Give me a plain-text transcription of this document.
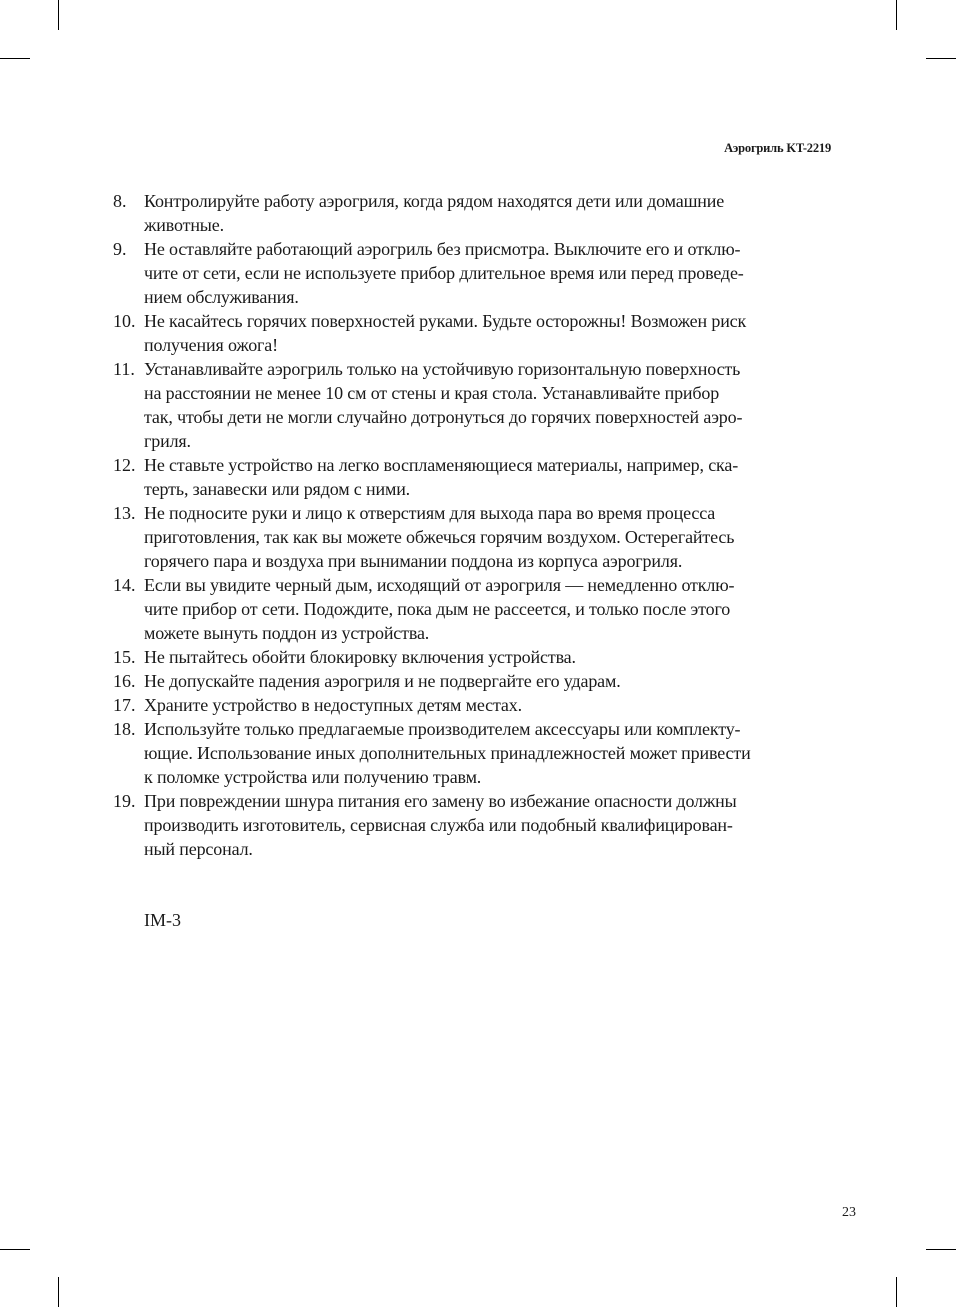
Аэрогриль KT-2219
8. Контролируйте работу аэрогриля, когда рядом находятся дети или домашние
животные.
9. Не оставляйте работающий аэрогриль без присмотра. Выключите его и отклю-
чите от сети, если не используете прибор длительное время или перед проведе-
нием обслуживания.
10. Не касайтесь горячих поверхностей руками. Будьте осторожны! Возможен риск
получения ожога!
11. Устанавливайте аэрогриль только на устойчивую горизонтальную поверхность
на расстоянии не менее 10 см от стены и края стола. Устанавливайте прибор
так, чтобы дети не могли случайно дотронуться до горячих поверхностей аэро-
гриля.
12. Не ставьте устройство на легко воспламеняющиеся материалы, например, ска-
терть, занавески или рядом с ними.
13. Не подносите руки и лицо к отверстиям для выхода пара во время процесса
приготовления, так как вы можете обжечься горячим воздухом. Остерегайтесь
горячего пара и воздуха при вынимании поддона из корпуса аэрогриля.
14. Если вы увидите черный дым, исходящий от аэрогриля — немедленно отклю-
чите прибор от сети. Подождите, пока дым не рассеется, и только после этого
можете вынуть поддон из устройства.
15. Не пытайтесь обойти блокировку включения устройства.
16. Не допускайте падения аэрогриля и не подвергайте его ударам.
17. Храните устройство в недоступных детям местах.
18. Используйте только предлагаемые производителем аксессуары или комплекту-
ющие. Использование иных дополнительных принадлежностей может привести
к поломке устройства или получению травм.
19. При повреждении шнура питания его замену во избежание опасности должны
производить изготовитель, сервисная служба или подобный квалифицирован-
ный персонал.
IM-3
23
